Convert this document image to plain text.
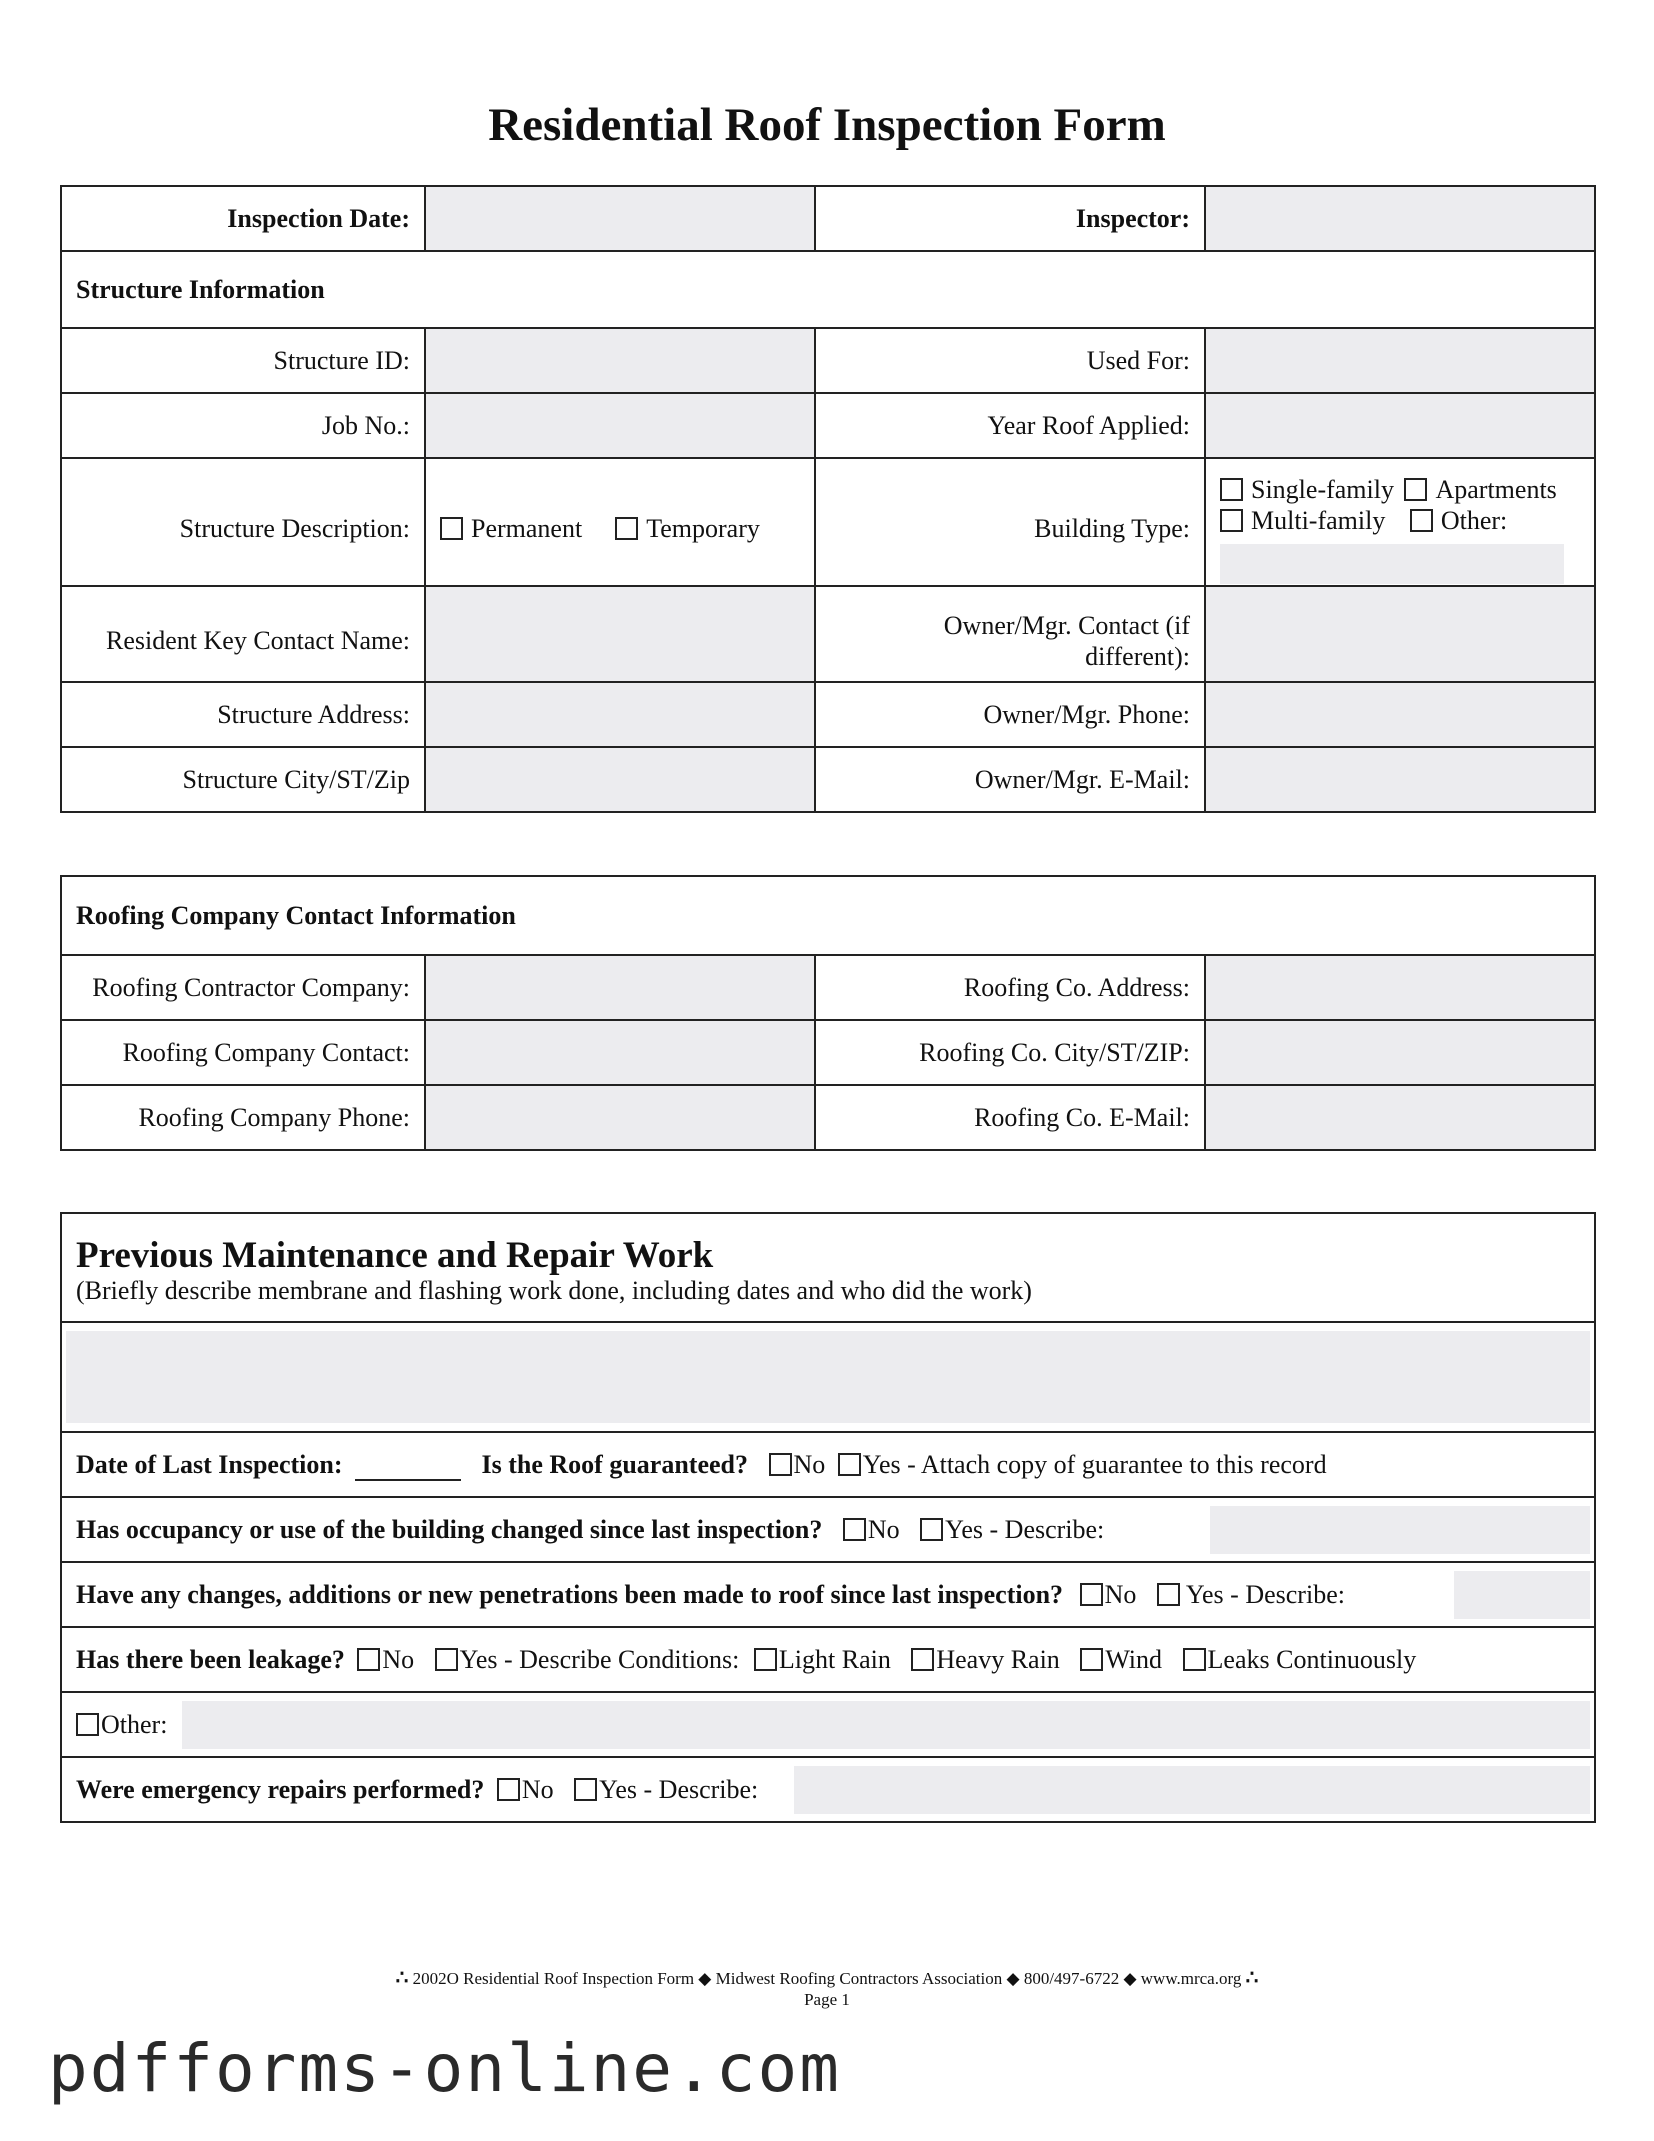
Residential Roof Inspection Form
Inspection Date:		Inspector:	
Structure Information			
Structure ID:		Used For:	
Job No.:		Year Roof Applied:	
Structure Description:	Permanent Temporary	Building Type:	Single-family Apartments
Multi-family Other:

Resident Key Contact Name:		Owner/Mgr. Contact (if
different):	
Structure Address:		Owner/Mgr. Phone:	
Structure City/ST/Zip		Owner/Mgr. E-Mail:	
Roofing Company Contact Information			
Roofing Contractor Company:		Roofing Co. Address:	
Roofing Company Contact:		Roofing Co. City/ST/ZIP:	
Roofing Company Phone:		Roofing Co. E-Mail:	
Previous Maintenance and Repair Work
(Briefly describe membrane and flashing work done, including dates and who did the work)

Date of Last Inspection:	Is the Roof guaranteed? No Yes - Attach copy of guarantee to this record

Has occupancy or use of the building changed since last inspection? No Yes - Describe:

Have any changes, additions or new penetrations been made to roof since last inspection? No Yes - Describe:

Has there been leakage? No Yes - Describe Conditions: Light Rain Heavy Rain Wind Leaks Continuously

Other:

Were emergency repairs performed? No Yes - Describe:
∴ 2002O Residential Roof Inspection Form ◆ Midwest Roofing Contractors Association ◆ 800/497-6722 ◆ www.mrca.org ∴
Page 1
pdfforms-online.com
